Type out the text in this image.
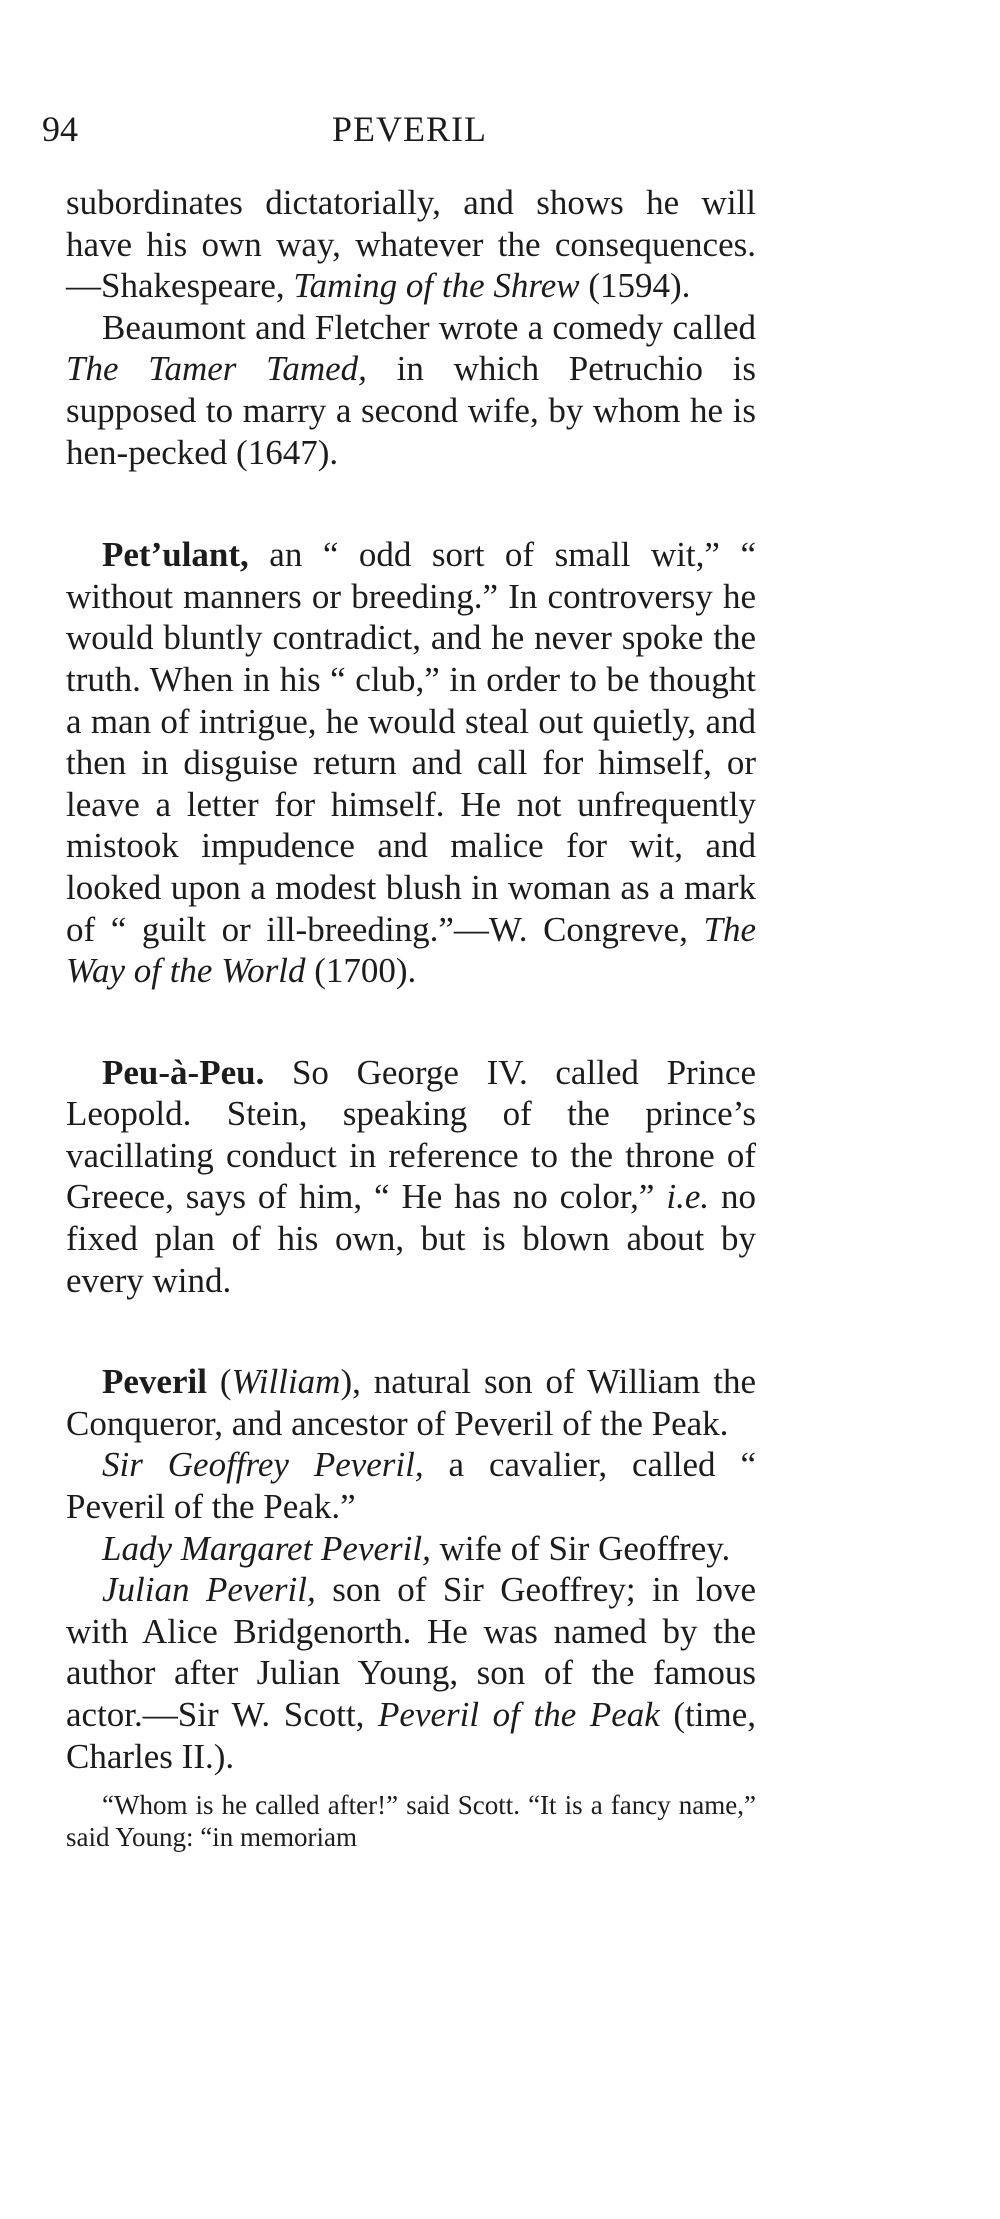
94	PEVERIL

subordinates dictatorially, and shows he will have his own way, whatever the consequences.—Shakespeare, Taming of the Shrew (1594).

Beaumont and Fletcher wrote a comedy called The Tamer Tamed, in which Petruchio is supposed to marry a second wife, by whom he is hen-pecked (1647).

Pet’ulant, an “ odd sort of small wit,” “ without manners or breeding.” In controversy he would bluntly contradict, and he never spoke the truth. When in his “ club,” in order to be thought a man of intrigue, he would steal out quietly, and then in disguise return and call for himself, or leave a letter for himself. He not unfrequently mistook impudence and malice for wit, and looked upon a modest blush in woman as a mark of “ guilt or ill-breeding.”—W. Congreve, The Way of the World (1700).

Peu-à-Peu. So George IV. called Prince Leopold. Stein, speaking of the prince’s vacillating conduct in reference to the throne of Greece, says of him, “ He has no color,” i.e. no fixed plan of his own, but is blown about by every wind.

Peveril (William), natural son of William the Conqueror, and ancestor of Peveril of the Peak.

Sir Geoffrey Peveril, a cavalier, called “ Peveril of the Peak.”

Lady Margaret Peveril, wife of Sir Geoffrey.

Julian Peveril, son of Sir Geoffrey; in love with Alice Bridgenorth. He was named by the author after Julian Young, son of the famous actor.—Sir W. Scott, Peveril of the Peak (time, Charles II.).

“Whom is he called after!” said Scott. “It is a fancy name,” said Young: “in memoriam
